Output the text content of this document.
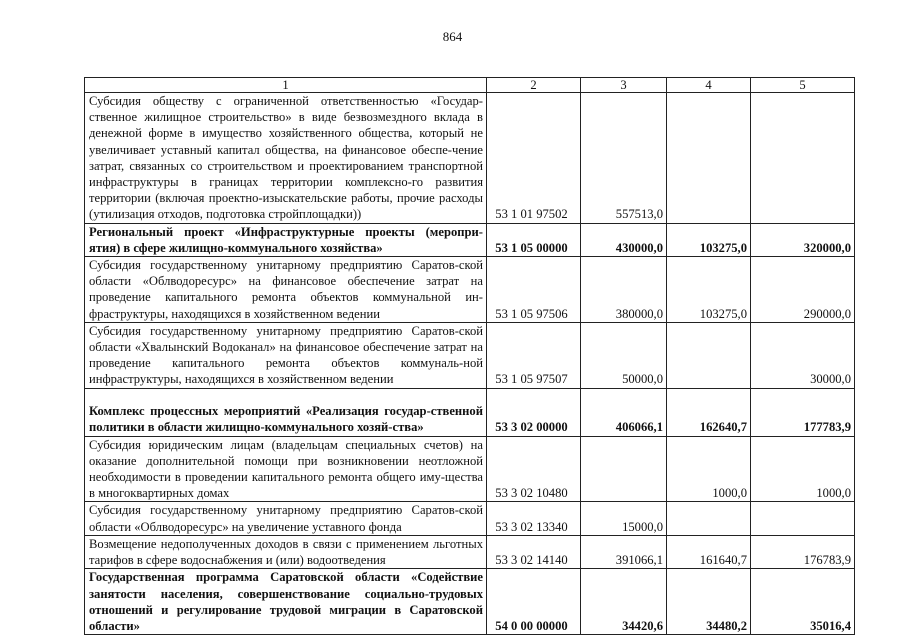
864
1	2	3	4	5
Субсидия обществу с ограниченной ответственностью «Государ-ственное жилищное строительство» в виде безвозмездного вклада в денежной форме в имущество хозяйственного общества, который не увеличивает уставный капитал общества, на финансовое обеспе-чение затрат, связанных со строительством и проектированием транспортной инфраструктуры в границах территории комплексно-го развития территории (включая проектно-изыскательские работы, прочие расходы (утилизация отходов, подготовка стройплощадки))	53 1 01 97502	557513,0		
Региональный проект «Инфраструктурные проекты (меропри-ятия) в сфере жилищно-коммунального хозяйства»	53 1 05 00000	430000,0	103275,0	320000,0
Субсидия государственному унитарному предприятию Саратов-ской области «Облводоресурс» на финансовое обеспечение затрат на проведение капитального ремонта объектов коммунальной ин-фраструктуры, находящихся в хозяйственном ведении	53 1 05 97506	380000,0	103275,0	290000,0
Субсидия государственному унитарному предприятию Саратов-ской области «Хвалынский Водоканал» на финансовое обеспечение затрат на проведение капитального ремонта объектов коммуналь-ной инфраструктуры, находящихся в хозяйственном ведении	53 1 05 97507	50000,0		30000,0
Комплекс процессных мероприятий «Реализация государ-ственной политики в области жилищно-коммунального хозяй-ства»	53 3 02 00000	406066,1	162640,7	177783,9
Субсидия юридическим лицам (владельцам специальных счетов) на оказание дополнительной помощи при возникновении неотложной необходимости в проведении капитального ремонта общего иму-щества в многоквартирных домах	53 3 02 10480		1000,0	1000,0
Субсидия государственному унитарному предприятию Саратов-ской области «Облводоресурс» на увеличение уставного фонда	53 3 02 13340	15000,0		
Возмещение недополученных доходов в связи с применением льготных тарифов в сфере водоснабжения и (или) водоотведения	53 3 02 14140	391066,1	161640,7	176783,9
Государственная программа Саратовской области «Содействие занятости населения, совершенствование социально-трудовых отношений и регулирование трудовой миграции в Саратовской области»	54 0 00 00000	34420,6	34480,2	35016,4
